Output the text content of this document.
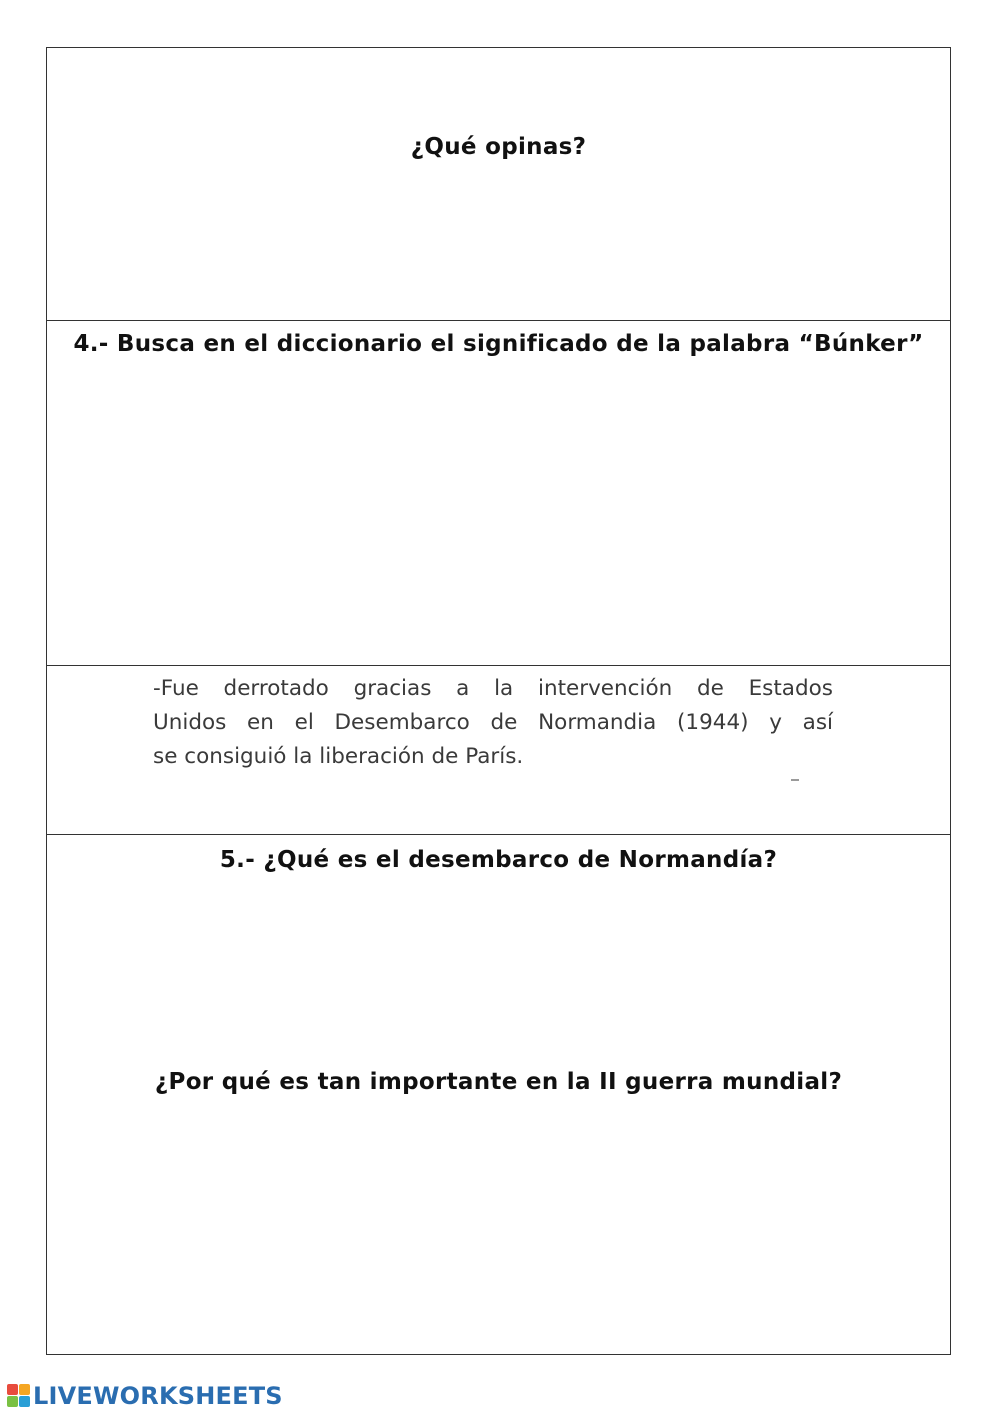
¿Qué opinas?
4.- Busca en el diccionario el significado de la palabra “Búnker”
-Fue derrotado gracias a la intervención de Estados
Unidos en el Desembarco de Normandia (1944) y así
se consiguió la liberación de París.
5.- ¿Qué es el desembarco de Normandía?
¿Por qué es tan importante en la II guerra mundial?
LIVEWORKSHEETS
